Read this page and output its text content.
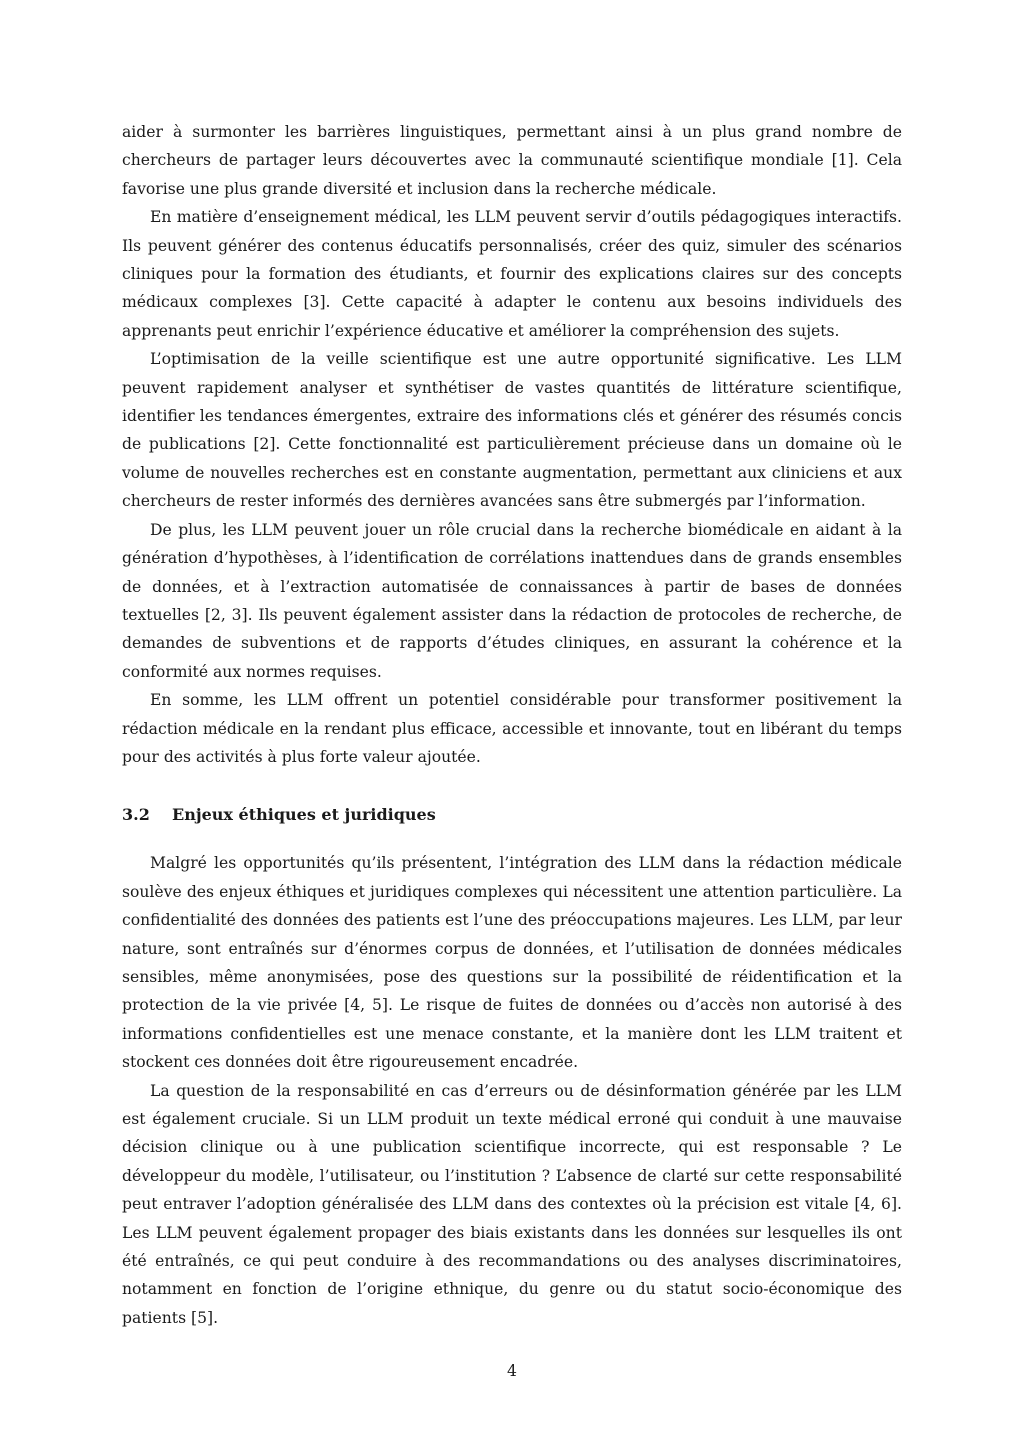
aider à surmonter les barrières linguistiques, permettant ainsi à un plus grand nombre de chercheurs de partager leurs découvertes avec la communauté scientifique mondiale [1]. Cela favorise une plus grande diversité et inclusion dans la recherche médicale.

En matière d’enseignement médical, les LLM peuvent servir d’outils pédagogiques interactifs. Ils peuvent générer des contenus éducatifs personnalisés, créer des quiz, simuler des scénarios cliniques pour la formation des étudiants, et fournir des explications claires sur des concepts médicaux complexes [3]. Cette capacité à adapter le contenu aux besoins individuels des apprenants peut enrichir l’expérience éducative et améliorer la compréhension des sujets.

L’optimisation de la veille scientifique est une autre opportunité significative. Les LLM peuvent rapidement analyser et synthétiser de vastes quantités de littérature scientifique, identifier les tendances émergentes, extraire des informations clés et générer des résumés concis de publications [2]. Cette fonctionnalité est particulièrement précieuse dans un domaine où le volume de nouvelles recherches est en constante augmentation, permettant aux cliniciens et aux chercheurs de rester informés des dernières avancées sans être submergés par l’information.

De plus, les LLM peuvent jouer un rôle crucial dans la recherche biomédicale en aidant à la génération d’hypothèses, à l’identification de corrélations inattendues dans de grands ensembles de données, et à l’extraction automatisée de connaissances à partir de bases de données textuelles [2, 3]. Ils peuvent également assister dans la rédaction de protocoles de recherche, de demandes de subventions et de rapports d’études cliniques, en assurant la cohérence et la conformité aux normes requises.

En somme, les LLM offrent un potentiel considérable pour transformer positivement la rédaction médicale en la rendant plus efficace, accessible et innovante, tout en libérant du temps pour des activités à plus forte valeur ajoutée.

3.2 Enjeux éthiques et juridiques

Malgré les opportunités qu’ils présentent, l’intégration des LLM dans la rédaction médicale soulève des enjeux éthiques et juridiques complexes qui nécessitent une attention particulière. La confidentialité des données des patients est l’une des préoccupations majeures. Les LLM, par leur nature, sont entraînés sur d’énormes corpus de données, et l’utilisation de données médicales sensibles, même anonymisées, pose des questions sur la possibilité de réidentification et la protection de la vie privée [4, 5]. Le risque de fuites de données ou d’accès non autorisé à des informations confidentielles est une menace constante, et la manière dont les LLM traitent et stockent ces données doit être rigoureusement encadrée.

La question de la responsabilité en cas d’erreurs ou de désinformation générée par les LLM est également cruciale. Si un LLM produit un texte médical erroné qui conduit à une mauvaise décision clinique ou à une publication scientifique incorrecte, qui est responsable ? Le développeur du modèle, l’utilisateur, ou l’institution ? L’absence de clarté sur cette responsabilité peut entraver l’adoption généralisée des LLM dans des contextes où la précision est vitale [4, 6]. Les LLM peuvent également propager des biais existants dans les données sur lesquelles ils ont été entraînés, ce qui peut conduire à des recommandations ou des analyses discriminatoires, notamment en fonction de l’origine ethnique, du genre ou du statut socio-économique des patients [5].

4
